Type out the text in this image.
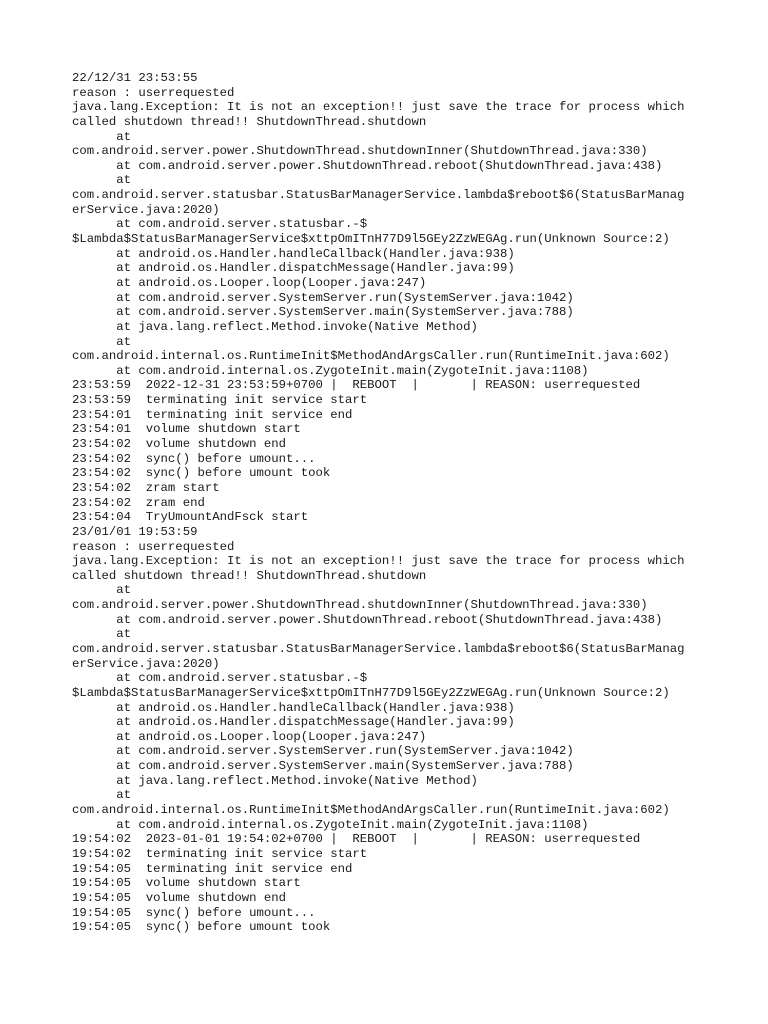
22/12/31 23:53:55
reason : userrequested
java.lang.Exception: It is not an exception!! just save the trace for process which
called shutdown thread!! ShutdownThread.shutdown
at
com.android.server.power.ShutdownThread.shutdownInner(ShutdownThread.java:330)
at com.android.server.power.ShutdownThread.reboot(ShutdownThread.java:438)
at
com.android.server.statusbar.StatusBarManagerService.lambda$reboot$6(StatusBarManag
erService.java:2020)
at com.android.server.statusbar.-$
$Lambda$StatusBarManagerService$xttpOmITnH77D9l5GEy2ZzWEGAg.run(Unknown Source:2)
at android.os.Handler.handleCallback(Handler.java:938)
at android.os.Handler.dispatchMessage(Handler.java:99)
at android.os.Looper.loop(Looper.java:247)
at com.android.server.SystemServer.run(SystemServer.java:1042)
at com.android.server.SystemServer.main(SystemServer.java:788)
at java.lang.reflect.Method.invoke(Native Method)
at
com.android.internal.os.RuntimeInit$MethodAndArgsCaller.run(RuntimeInit.java:602)
at com.android.internal.os.ZygoteInit.main(ZygoteInit.java:1108)
23:53:59  2022-12-31 23:53:59+0700 |  REBOOT  |       | REASON: userrequested
23:53:59  terminating init service start
23:54:01  terminating init service end
23:54:01  volume shutdown start
23:54:02  volume shutdown end
23:54:02  sync() before umount...
23:54:02  sync() before umount took
23:54:02  zram start
23:54:02  zram end
23:54:04  TryUmountAndFsck start
23/01/01 19:53:59
reason : userrequested
java.lang.Exception: It is not an exception!! just save the trace for process which
called shutdown thread!! ShutdownThread.shutdown
at
com.android.server.power.ShutdownThread.shutdownInner(ShutdownThread.java:330)
at com.android.server.power.ShutdownThread.reboot(ShutdownThread.java:438)
at
com.android.server.statusbar.StatusBarManagerService.lambda$reboot$6(StatusBarManag
erService.java:2020)
at com.android.server.statusbar.-$
$Lambda$StatusBarManagerService$xttpOmITnH77D9l5GEy2ZzWEGAg.run(Unknown Source:2)
at android.os.Handler.handleCallback(Handler.java:938)
at android.os.Handler.dispatchMessage(Handler.java:99)
at android.os.Looper.loop(Looper.java:247)
at com.android.server.SystemServer.run(SystemServer.java:1042)
at com.android.server.SystemServer.main(SystemServer.java:788)
at java.lang.reflect.Method.invoke(Native Method)
at
com.android.internal.os.RuntimeInit$MethodAndArgsCaller.run(RuntimeInit.java:602)
at com.android.internal.os.ZygoteInit.main(ZygoteInit.java:1108)
19:54:02  2023-01-01 19:54:02+0700 |  REBOOT  |       | REASON: userrequested
19:54:02  terminating init service start
19:54:05  terminating init service end
19:54:05  volume shutdown start
19:54:05  volume shutdown end
19:54:05  sync() before umount...
19:54:05  sync() before umount took
